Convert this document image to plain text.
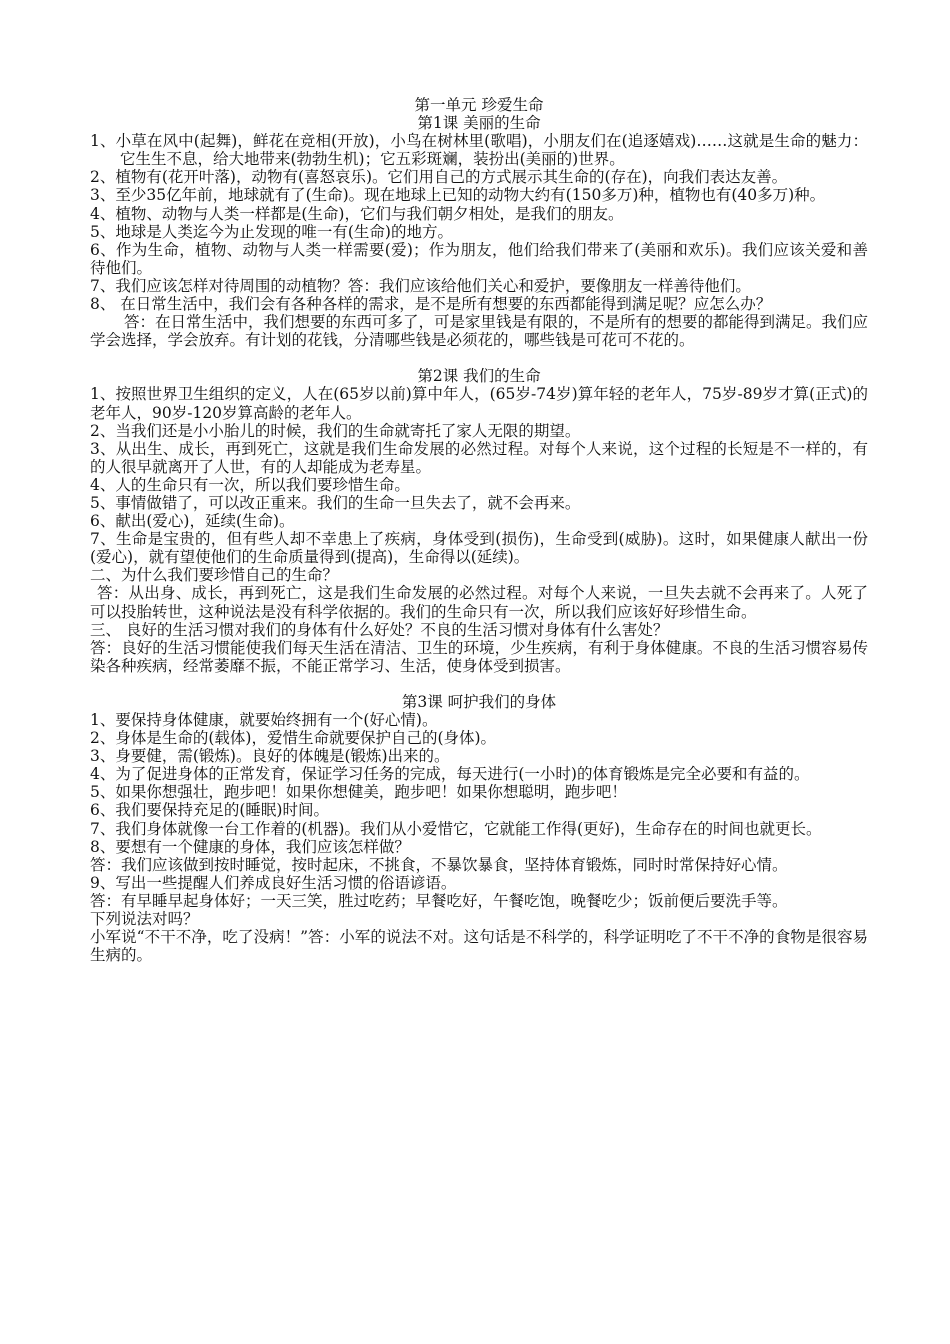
第一单元 珍爱生命

第1课 美丽的生命

1、小草在风中(起舞)，鲜花在竞相(开放)，小鸟在树林里(歌唱)，小朋友们在(追逐嬉戏)……这就是生命的魅力：它生生不息，给大地带来(勃勃生机)；它五彩斑斓，装扮出(美丽的)世界。

2、植物有(花开叶落)，动物有(喜怒哀乐)。它们用自己的方式展示其生命的(存在)，向我们表达友善。

3、至少35亿年前，地球就有了(生命)。现在地球上已知的动物大约有(150多万)种，植物也有(40多万)种。

4、植物、动物与人类一样都是(生命)，它们与我们朝夕相处，是我们的朋友。

5、地球是人类迄今为止发现的唯一有(生命)的地方。

6、作为生命，植物、动物与人类一样需要(爱)；作为朋友，他们给我们带来了(美丽和欢乐)。我们应该关爱和善待他们。

7、我们应该怎样对待周围的动植物？答：我们应该给他们关心和爱护，要像朋友一样善待他们。

8、 在日常生活中，我们会有各种各样的需求，是不是所有想要的东西都能得到满足呢？应怎么办？

答：在日常生活中，我们想要的东西可多了，可是家里钱是有限的，不是所有的想要的都能得到满足。我们应学会选择，学会放弃。有计划的花钱，分清哪些钱是必须花的，哪些钱是可花可不花的。

第2课 我们的生命

1、按照世界卫生组织的定义，人在(65岁以前)算中年人，(65岁-74岁)算年轻的老年人，75岁-89岁才算(正式)的老年人，90岁-120岁算高龄的老年人。

2、当我们还是小小胎儿的时候，我们的生命就寄托了家人无限的期望。

3、从出生、成长，再到死亡，这就是我们生命发展的必然过程。对每个人来说，这个过程的长短是不一样的，有的人很早就离开了人世，有的人却能成为老寿星。

4、人的生命只有一次，所以我们要珍惜生命。

5、事情做错了，可以改正重来。我们的生命一旦失去了，就不会再来。

6、献出(爱心)，延续(生命)。

7、生命是宝贵的，但有些人却不幸患上了疾病，身体受到(损伤)，生命受到(威胁)。这时，如果健康人献出一份(爱心)，就有望使他们的生命质量得到(提高)，生命得以(延续)。

二、为什么我们要珍惜自己的生命？

答：从出身、成长，再到死亡，这是我们生命发展的必然过程。对每个人来说，一旦失去就不会再来了。人死了可以投胎转世，这种说法是没有科学依据的。我们的生命只有一次，所以我们应该好好珍惜生命。

三、 良好的生活习惯对我们的身体有什么好处？不良的生活习惯对身体有什么害处？

答：良好的生活习惯能使我们每天生活在清洁、卫生的环境，少生疾病，有利于身体健康。不良的生活习惯容易传染各种疾病，经常萎靡不振，不能正常学习、生活，使身体受到损害。

第3课 呵护我们的身体

1、要保持身体健康，就要始终拥有一个(好心情)。

2、身体是生命的(载体)，爱惜生命就要保护自己的(身体)。

3、身要健，需(锻炼)。良好的体魄是(锻炼)出来的。

4、为了促进身体的正常发育，保证学习任务的完成，每天进行(一小时)的体育锻炼是完全必要和有益的。

5、如果你想强壮，跑步吧！如果你想健美，跑步吧！如果你想聪明，跑步吧！

6、我们要保持充足的(睡眠)时间。

7、我们身体就像一台工作着的(机器)。我们从小爱惜它，它就能工作得(更好)，生命存在的时间也就更长。

8、要想有一个健康的身体，我们应该怎样做？

答：我们应该做到按时睡觉，按时起床，不挑食，不暴饮暴食，坚持体育锻炼，同时时常保持好心情。

9、写出一些提醒人们养成良好生活习惯的俗语谚语。

答：有早睡早起身体好；一天三笑，胜过吃药；早餐吃好，午餐吃饱，晚餐吃少；饭前便后要洗手等。

下列说法对吗？

小军说“不干不净，吃了没病！”答：小军的说法不对。这句话是不科学的，科学证明吃了不干不净的食物是很容易生病的。
